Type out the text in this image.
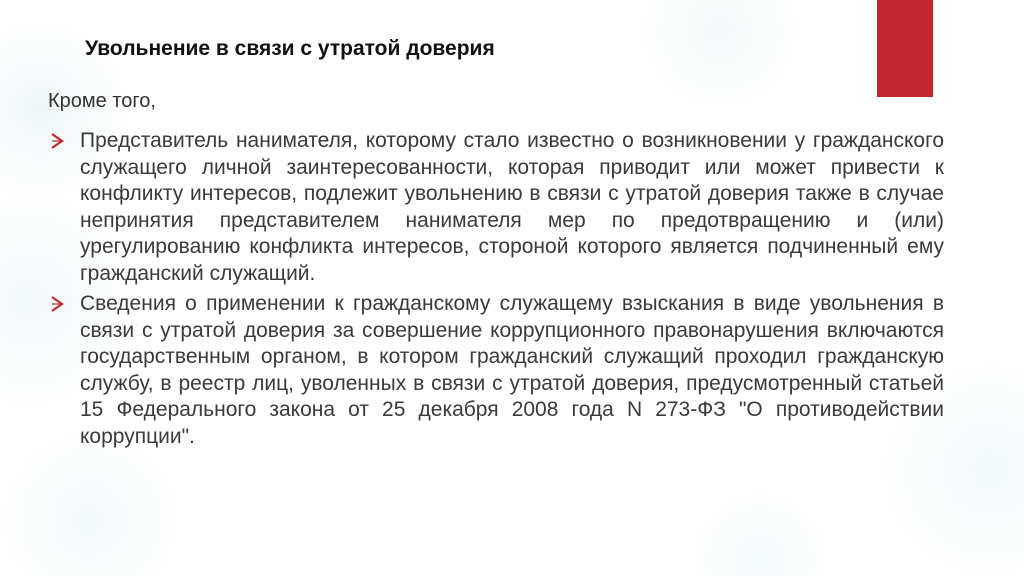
Увольнение в связи с утратой доверия

Кроме того,

Представитель нанимателя, которому стало известно о возникновении у гражданского служащего личной заинтересованности, которая приводит или может привести к конфликту интересов, подлежит увольнению в связи с утратой доверия также в случае непринятия представителем нанимателя мер по предотвращению и (или) урегулированию конфликта интересов, стороной которого является подчиненный ему гражданский служащий.
Сведения о применении к гражданскому служащему взыскания в виде увольнения в связи с утратой доверия за совершение коррупционного правонарушения включаются государственным органом, в котором гражданский служащий проходил гражданскую службу, в реестр лиц, уволенных в связи с утратой доверия, предусмотренный статьей 15 Федерального закона от 25 декабря 2008 года N 273-ФЗ "О противодействии коррупции".
